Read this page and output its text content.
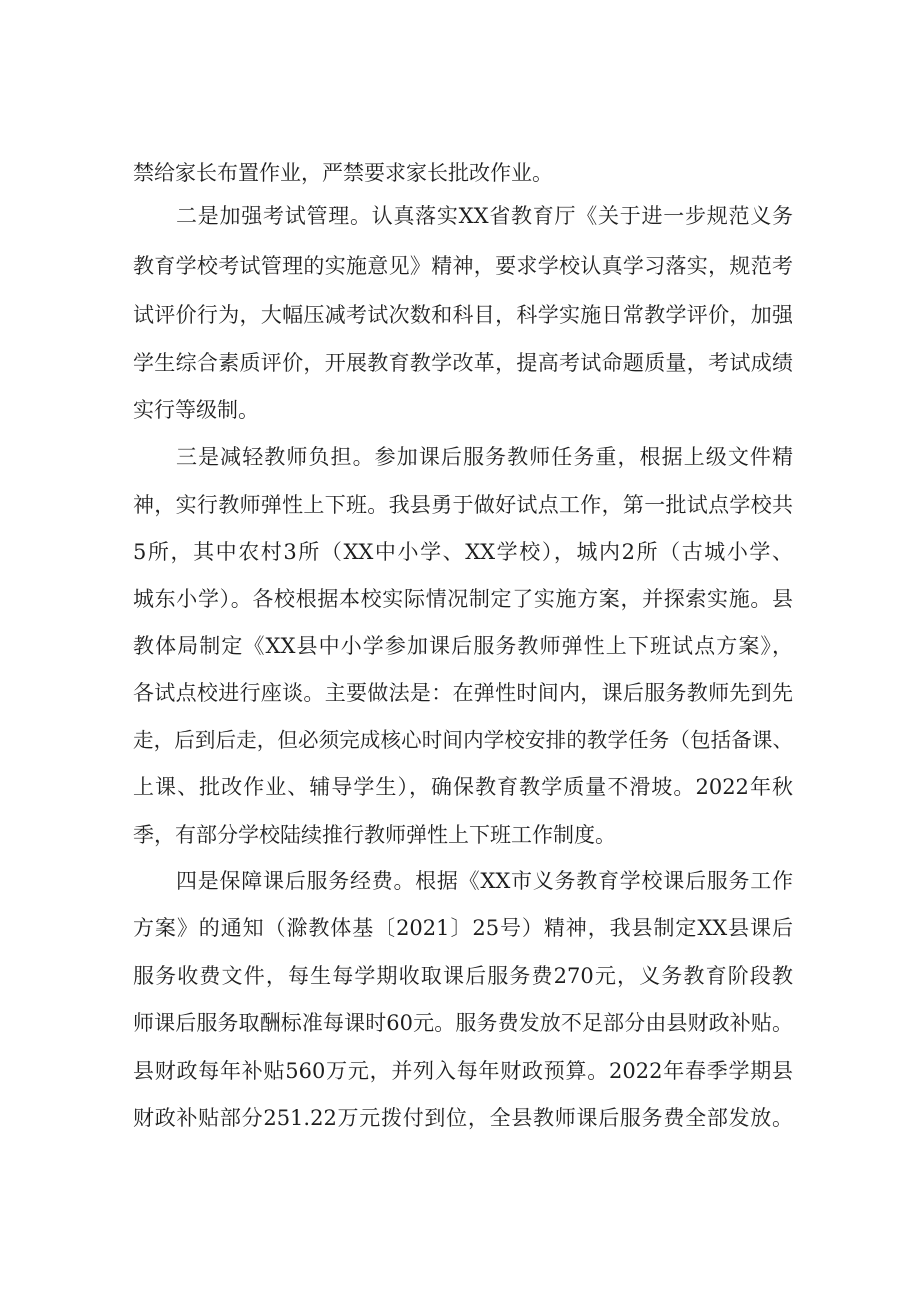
禁给家长布置作业，严禁要求家长批改作业。
二是加强考试管理。认真落实XX省教育厅《关于进一步规范义务
教育学校考试管理的实施意见》精神，要求学校认真学习落实，规范考
试评价行为，大幅压减考试次数和科目，科学实施日常教学评价，加强
学生综合素质评价，开展教育教学改革，提高考试命题质量，考试成绩
实行等级制。
三是减轻教师负担。参加课后服务教师任务重，根据上级文件精
神，实行教师弹性上下班。我县勇于做好试点工作，第一批试点学校共
5所，其中农村3所（XX中小学、XX学校），城内2所（古城小学、
城东小学）。各校根据本校实际情况制定了实施方案，并探索实施。县
教体局制定《XX县中小学参加课后服务教师弹性上下班试点方案》，
各试点校进行座谈。主要做法是：在弹性时间内，课后服务教师先到先
走，后到后走，但必须完成核心时间内学校安排的教学任务（包括备课、
上课、批改作业、辅导学生），确保教育教学质量不滑坡。2022年秋
季，有部分学校陆续推行教师弹性上下班工作制度。
四是保障课后服务经费。根据《XX市义务教育学校课后服务工作
方案》的通知（滁教体基〔2021〕25号）精神，我县制定XX县课后
服务收费文件，每生每学期收取课后服务费270元，义务教育阶段教
师课后服务取酬标准每课时60元。服务费发放不足部分由县财政补贴。
县财政每年补贴560万元，并列入每年财政预算。2022年春季学期县
财政补贴部分251.22万元拨付到位，全县教师课后服务费全部发放。
